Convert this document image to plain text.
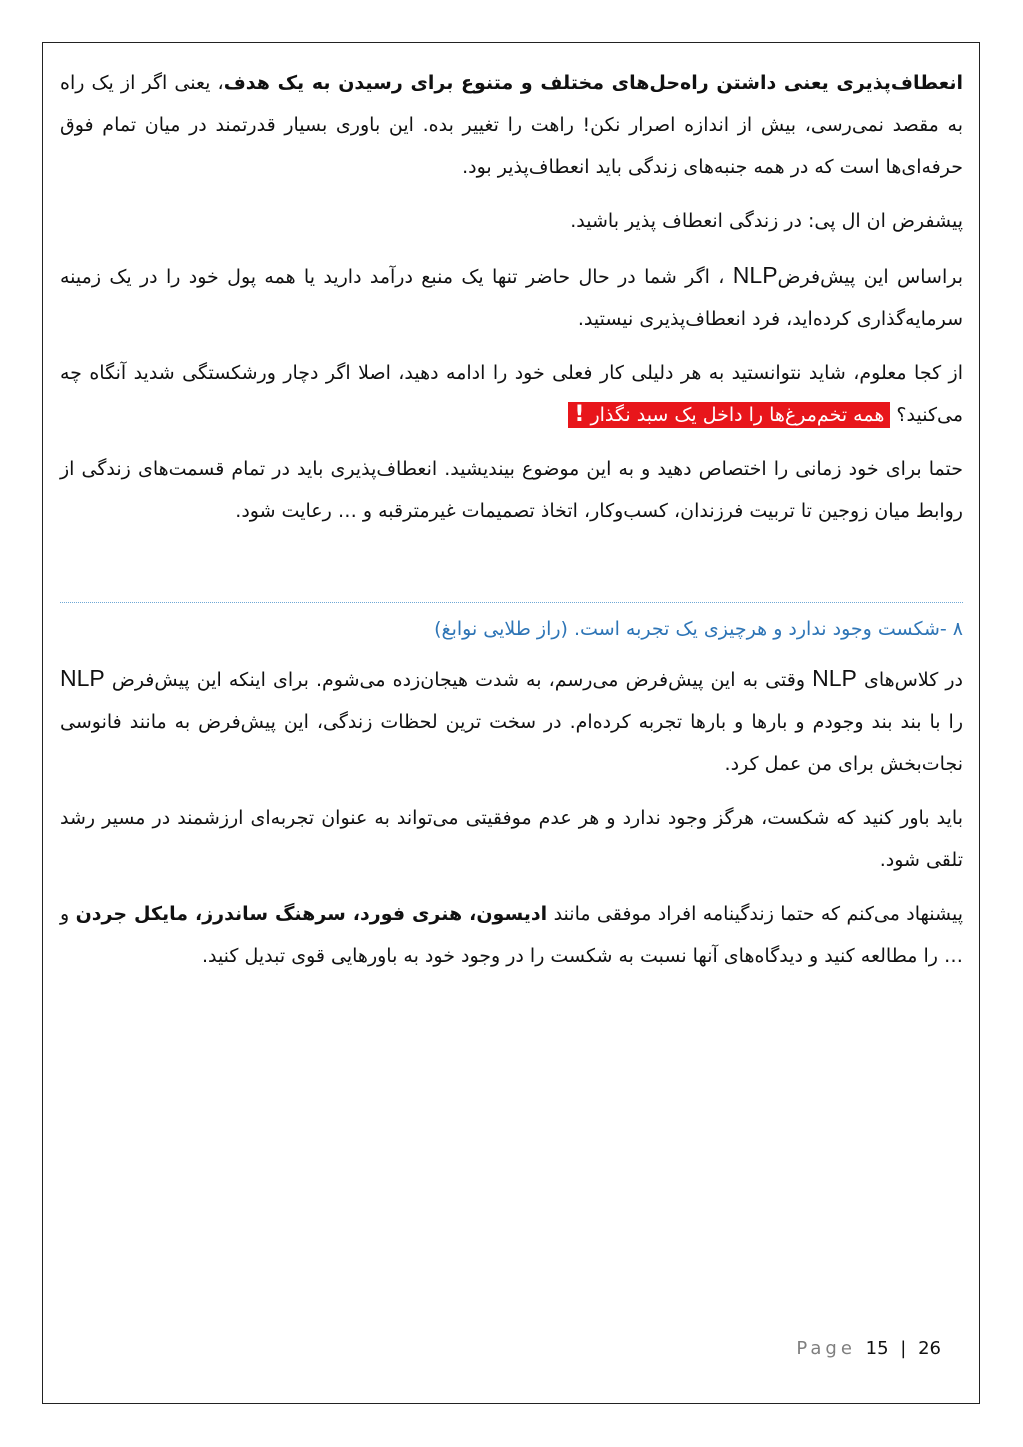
انعطاف‌پذیری یعنی داشتن راه‌حل‌های مختلف و متنوع برای رسیدن به یک هدف، یعنی اگر از یک راه به مقصد نمی‌رسی، بیش از اندازه اصرار نکن! راهت را تغییر بده. این باوری بسیار قدرتمند در میان تمام فوق حرفه‌ای‌ها است که در همه جنبه‌های زندگی باید انعطاف‌پذیر بود.

پیشفرض ان ال پی: در زندگی انعطاف پذیر باشید.

براساس این پیش‌فرضNLP ، اگر شما در حال حاضر تنها یک منبع درآمد دارید یا همه پول خود را در یک زمینه سرمایه‌گذاری کرده‌اید، فرد انعطاف‌پذیری نیستید.

از کجا معلوم، شاید نتوانستید به هر دلیلی کار فعلی خود را ادامه دهید، اصلا اگر دچار ورشکستگی شدید آنگاه چه می‌کنید؟ همه تخم‌مرغ‌ها را داخل یک سبد نگذار !

حتما برای خود زمانی را اختصاص دهید و به این موضوع بیندیشید. انعطاف‌پذیری باید در تمام قسمت‌های زندگی از روابط میان زوجین تا تربیت فرزندان، کسب‌وکار، اتخاذ تصمیمات غیرمترقبه و … رعایت شود.

۸ -شکست وجود ندارد و هرچیزی یک تجربه است. (راز طلایی نوابغ)

در کلاس‌های NLP وقتی به این پیش‌فرض می‌رسم، به شدت هیجان‌زده می‌شوم. برای اینکه این پیش‌فرض NLP را با بند بند وجودم و بارها و بارها تجربه کرده‌ام. در سخت ترین لحظات زندگی، این پیش‌فرض به مانند فانوسی نجات‌بخش برای من عمل کرد.

باید باور کنید که شکست، هرگز وجود ندارد و هر عدم موفقیتی می‌تواند به عنوان تجربه‌ای ارزشمند در مسیر رشد تلقی شود.

پیشنهاد می‌کنم که حتما زندگینامه افراد موفقی مانند ادیسون، هنری فورد، سرهنگ ساندرز، مایکل جردن و … را مطالعه کنید و دیدگاه‌های آنها نسبت به شکست را در وجود خود به باورهایی قوی تبدیل کنید.

Page 15 | 26
